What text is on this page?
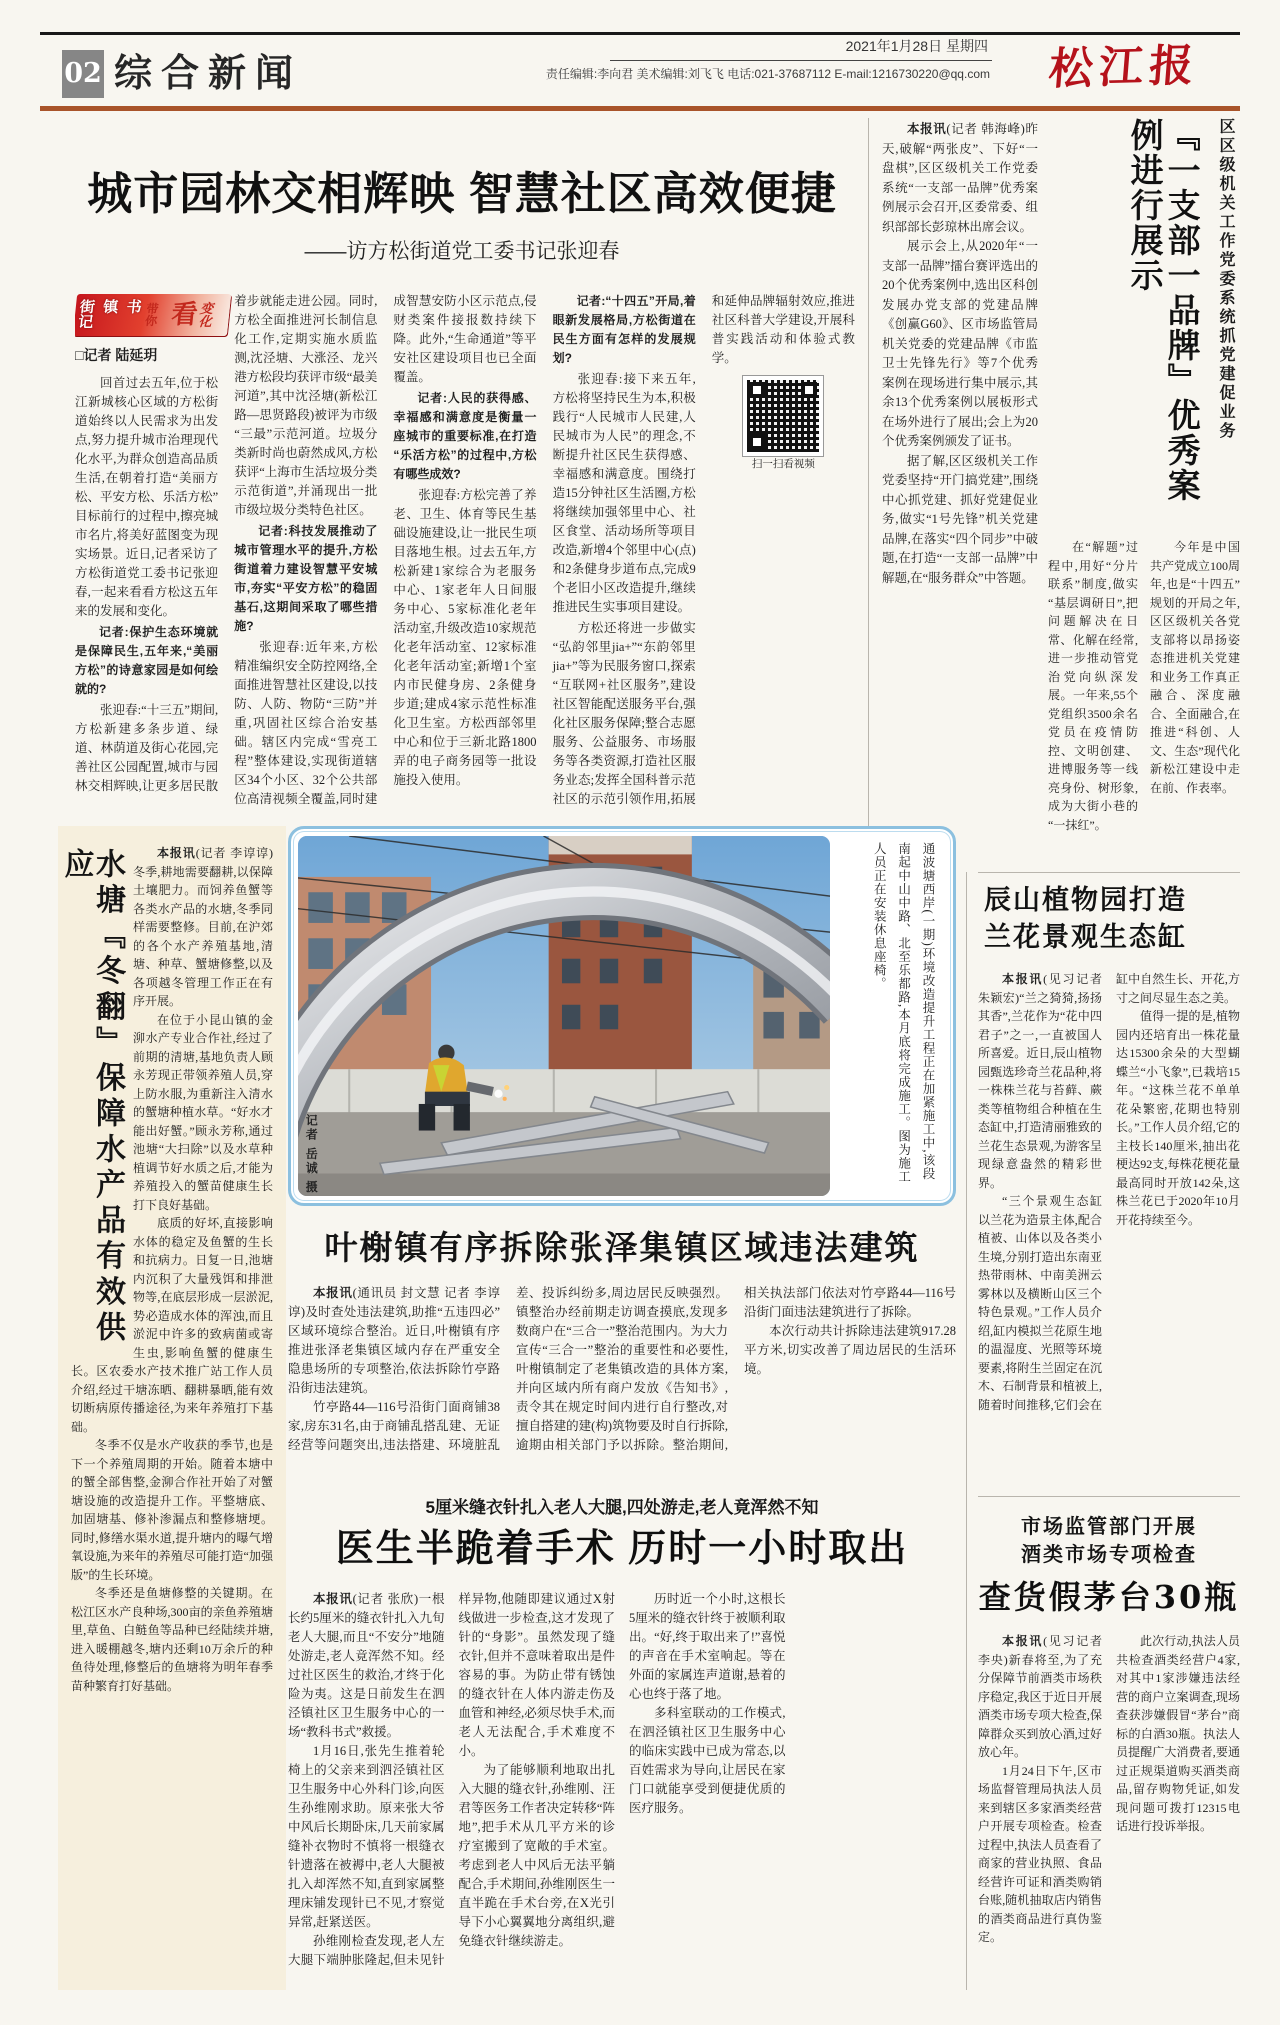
02 综合新闻
2021年1月28日 星期四
责任编辑:李向君 美术编辑:刘飞飞 电话:021-37687112 E-mail:1216730220@qq.com	松江报
城市园林交相辉映 智慧社区高效便捷
——访方松街道党工委书记张迎春
街镇书记
带你 看 变化

□记者 陆延玥

回首过去五年,位于松江新城核心区域的方松街道始终以人民需求为出发点,努力提升城市治理现代化水平,为群众创造高品质生活,在朝着打造“美丽方松、平安方松、乐活方松”目标前行的过程中,擦亮城市名片,将美好蓝图变为现实场景。近日,记者采访了方松街道党工委书记张迎春,一起来看看方松这五年来的发展和变化。

记者:保护生态环境就是保障民生,五年来,“美丽方松”的诗意家园是如何绘就的?

张迎春:“十三五”期间,方松新建多条步道、绿道、林荫道及街心花园,完善社区公园配置,城市与园林交相辉映,让更多居民散着步就能走进公园。同时,方松全面推进河长制信息化工作,定期实施水质监测,沈泾塘、大涨泾、龙兴港方松段均获评市级“最美河道”,其中沈泾塘(新松江路—思贤路段)被评为市级“三最”示范河道。垃圾分类新时尚也蔚然成风,方松获评“上海市生活垃圾分类示范街道”,并涌现出一批市级垃圾分类特色社区。

记者:科技发展推动了城市管理水平的提升,方松街道着力建设智慧平安城市,夯实“平安方松”的稳固基石,这期间采取了哪些措施?

张迎春:近年来,方松精准编织安全防控网络,全面推进智慧社区建设,以技防、人防、物防“三防”并重,巩固社区综合治安基础。辖区内完成“雪亮工程”整体建设,实现街道辖区34个小区、32个公共部位高清视频全覆盖,同时建成智慧安防小区示范点,侵财类案件接报数持续下降。此外,“生命通道”等平安社区建设项目也已全面覆盖。

记者:人民的获得感、幸福感和满意度是衡量一座城市的重要标准,在打造“乐活方松”的过程中,方松有哪些成效?

张迎春:方松完善了养老、卫生、体育等民生基础设施建设,让一批民生项目落地生根。过去五年,方松新建1家综合为老服务中心、1家老年人日间服务中心、5家标准化老年活动室,升级改造10家规范化老年活动室、12家标准化老年活动室;新增1个室内市民健身房、2条健身步道;建成4家示范性标准化卫生室。方松西部邻里中心和位于三新北路1800弄的电子商务园等一批设施投入使用。

记者:“十四五”开局,着眼新发展格局,方松街道在民生方面有怎样的发展规划?

张迎春:接下来五年,方松将坚持民生为本,积极践行“人民城市人民建,人民城市为人民”的理念,不断提升社区民生获得感、幸福感和满意度。围绕打造15分钟社区生活圈,方松将继续加强邻里中心、社区食堂、活动场所等项目改造,新增4个邻里中心(点)和2条健身步道布点,完成9个老旧小区改造提升,继续推进民生实事项目建设。

方松还将进一步做实“弘韵邻里jia+”“东韵邻里jia+”等为民服务窗口,探索“互联网+社区服务”,建设社区智能配送服务平台,强化社区服务保障;整合志愿服务、公益服务、市场服务等各类资源,打造社区服务业态;发挥全国科普示范社区的示范引领作用,拓展和延伸品牌辐射效应,推进社区科普大学建设,开展科普实践活动和体验式教学。

扫一扫看视频

本报讯(记者 韩海峰)昨天,破解“两张皮”、下好“一盘棋”,区区级机关工作党委系统“一支部一品牌”优秀案例展示会召开,区委常委、组织部部长彭琼林出席会议。

展示会上,从2020年“一支部一品牌”擂台赛评选出的20个优秀案例中,选出区科创发展办党支部的党建品牌《创赢G60》、区市场监管局机关党委的党建品牌《市监卫士先锋先行》等7个优秀案例在现场进行集中展示,其余13个优秀案例以展板形式在场外进行了展出;会上为20个优秀案例颁发了证书。

据了解,区区级机关工作党委坚持“开门搞党建”,围绕中心抓党建、抓好党建促业务,做实“1号先锋”机关党建品牌,在落实“四个同步”中破题,在打造“一支部一品牌”中解题,在“服务群众”中答题。

区区级机关工作党委系统抓党建促业务
『一支部一品牌』优秀案例进行展示

在“解题”过程中,用好“分片联系”制度,做实“基层调研日”,把问题解决在日常、化解在经常,进一步推动管党治党向纵深发展。一年来,55个党组织3500余名党员在疫情防控、文明创建、进博服务等一线亮身份、树形象,成为大街小巷的“一抹红”。

今年是中国共产党成立100周年,也是“十四五”规划的开局之年,区区级机关各党支部将以昂扬姿态推进机关党建和业务工作真正融合、深度融合、全面融合,在推进“科创、人文、生态”现代化新松江建设中走在前、作表率。

水塘『冬翻』保障水产品有效供应	本报讯(记者 李谆谆)冬季,耕地需要翻耕,以保障土壤肥力。而饲养鱼蟹等各类水产品的水塘,冬季同样需要整修。目前,在沪郊的各个水产养殖基地,清塘、种草、蟹塘修整,以及各项越冬管理工作正在有序开展。

在位于小昆山镇的金泖水产专业合作社,经过了前期的清塘,基地负责人顾永芳现正带领养殖人员,穿上防水服,为重新注入清水的蟹塘种植水草。“好水才能出好蟹。”顾永芳称,通过池塘“大扫除”以及水草种植调节好水质之后,才能为养殖投入的蟹苗健康生长打下良好基础。

底质的好坏,直接影响水体的稳定及鱼蟹的生长和抗病力。日复一日,池塘内沉积了大量残饵和排泄物等,在底层形成一层淤泥,势必造成水体的浑浊,而且淤泥中许多的致病菌或寄生虫,影响鱼蟹的健康生长。区农委水产技术推广站工作人员介绍,经过干塘冻晒、翻耕暴晒,能有效切断病原传播途径,为来年养殖打下基础。

冬季不仅是水产收获的季节,也是下一个养殖周期的开始。随着本塘中的蟹全部售整,金泖合作社开始了对蟹塘设施的改造提升工作。平整塘底、加固塘基、修补渗漏点和整修塘埂。同时,修缮水渠水道,提升塘内的曝气增氧设施,为来年的养殖尽可能打造“加强版”的生长环境。

冬季还是鱼塘修整的关键期。在松江区水产良种场,300亩的亲鱼养殖塘里,草鱼、白鲢鱼等品种已经陆续并塘,进入暖棚越冬,塘内还剩10万余斤的种鱼待处理,修整后的鱼塘将为明年春季苗种繁育打好基础。

通波塘西岸(一期)环境改造提升工程正在加紧施工中,该段南起中山中路、北至乐都路,本月底将完成施工。图为施工人员正在安装休息座椅。
记者 岳诚 摄
叶榭镇有序拆除张泽集镇区域违法建筑

本报讯(通讯员 封文慧 记者 李谆谆)及时查处违法建筑,助推“五违四必”区域环境综合整治。近日,叶榭镇有序推进张泽老集镇区域内存在严重安全隐患场所的专项整治,依法拆除竹亭路沿街违法建筑。

竹亭路44—116号沿街门面商铺38家,房东31名,由于商铺乱搭乱建、无证经营等问题突出,违法搭建、环境脏乱差、投诉纠纷多,周边居民反映强烈。镇整治办经前期走访调查摸底,发现多数商户在“三合一”整治范围内。为大力宣传“三合一”整治的重要性和必要性,叶榭镇制定了老集镇改造的具体方案,并向区域内所有商户发放《告知书》,责令其在规定时间内进行自行整改,对擅自搭建的建(构)筑物要及时自行拆除,逾期由相关部门予以拆除。整治期间,相关执法部门依法对竹亭路44—116号沿街门面违法建筑进行了拆除。

本次行动共计拆除违法建筑917.28平方米,切实改善了周边居民的生活环境。

5厘米缝衣针扎入老人大腿,四处游走,老人竟浑然不知
医生半跪着手术 历时一小时取出

本报讯(记者 张欣)一根长约5厘米的缝衣针扎入九旬老人大腿,而且“不安分”地随处游走,老人竟浑然不知。经过社区医生的救治,才终于化险为夷。这是日前发生在泗泾镇社区卫生服务中心的一场“教科书式”救援。

1月16日,张先生推着轮椅上的父亲来到泗泾镇社区卫生服务中心外科门诊,向医生孙维刚求助。原来张大爷中风后长期卧床,几天前家属缝补衣物时不慎将一根缝衣针遗落在被褥中,老人大腿被扎入却浑然不知,直到家属整理床铺发现针已不见,才察觉异常,赶紧送医。

孙维刚检查发现,老人左大腿下端肿胀隆起,但未见针样异物,他随即建议通过X射线做进一步检查,这才发现了针的“身影”。虽然发现了缝衣针,但并不意味着取出是件容易的事。为防止带有锈蚀的缝衣针在人体内游走伤及血管和神经,必须尽快手术,而老人无法配合,手术难度不小。

为了能够顺利地取出扎入大腿的缝衣针,孙维刚、汪君等医务工作者决定转移“阵地”,把手术从几平方米的诊疗室搬到了宽敞的手术室。考虑到老人中风后无法平躺配合,手术期间,孙维刚医生一直半跪在手术台旁,在X光引导下小心翼翼地分离组织,避免缝衣针继续游走。

历时近一个小时,这根长5厘米的缝衣针终于被顺利取出。“好,终于取出来了!”喜悦的声音在手术室响起。等在外面的家属连声道谢,悬着的心也终于落了地。

多科室联动的工作模式,在泗泾镇社区卫生服务中心的临床实践中已成为常态,以百姓需求为导向,让居民在家门口就能享受到便捷优质的医疗服务。

辰山植物园打造
兰花景观生态缸

本报讯(见习记者 朱颖宏)“兰之猗猗,扬扬其香”,兰花作为“花中四君子”之一,一直被国人所喜爱。近日,辰山植物园甄选珍奇兰花品种,将一株株兰花与苔藓、蕨类等植物组合种植在生态缸中,打造清丽雅致的兰花生态景观,为游客呈现绿意盎然的精彩世界。

“三个景观生态缸以兰花为造景主体,配合植被、山体以及各类小生境,分别打造出东南亚热带雨林、中南美洲云雾林以及横断山区三个特色景观。”工作人员介绍,缸内模拟兰花原生地的温湿度、光照等环境要素,将附生兰固定在沉木、石制背景和植被上,随着时间推移,它们会在缸中自然生长、开花,方寸之间尽显生态之美。

值得一提的是,植物园内还培育出一株花量达15300余朵的大型蝴蝶兰“小飞象”,已栽培15年。“这株兰花不单单花朵繁密,花期也特别长。”工作人员介绍,它的主枝长140厘米,抽出花梗达92支,每株花梗花量最高同时开放142朵,这株兰花已于2020年10月开花持续至今。

市场监管部门开展
酒类市场专项检查
查货假茅台30瓶

本报讯(见习记者 李央)新春将至,为了充分保障节前酒类市场秩序稳定,我区于近日开展酒类市场专项大检查,保障群众买到放心酒,过好放心年。

1月24日下午,区市场监督管理局执法人员来到辖区多家酒类经营户开展专项检查。检查过程中,执法人员查看了商家的营业执照、食品经营许可证和酒类购销台账,随机抽取店内销售的酒类商品进行真伪鉴定。

此次行动,执法人员共检查酒类经营户4家,对其中1家涉嫌违法经营的商户立案调查,现场查获涉嫌假冒“茅台”商标的白酒30瓶。执法人员提醒广大消费者,要通过正规渠道购买酒类商品,留存购物凭证,如发现问题可拨打12315电话进行投诉举报。
